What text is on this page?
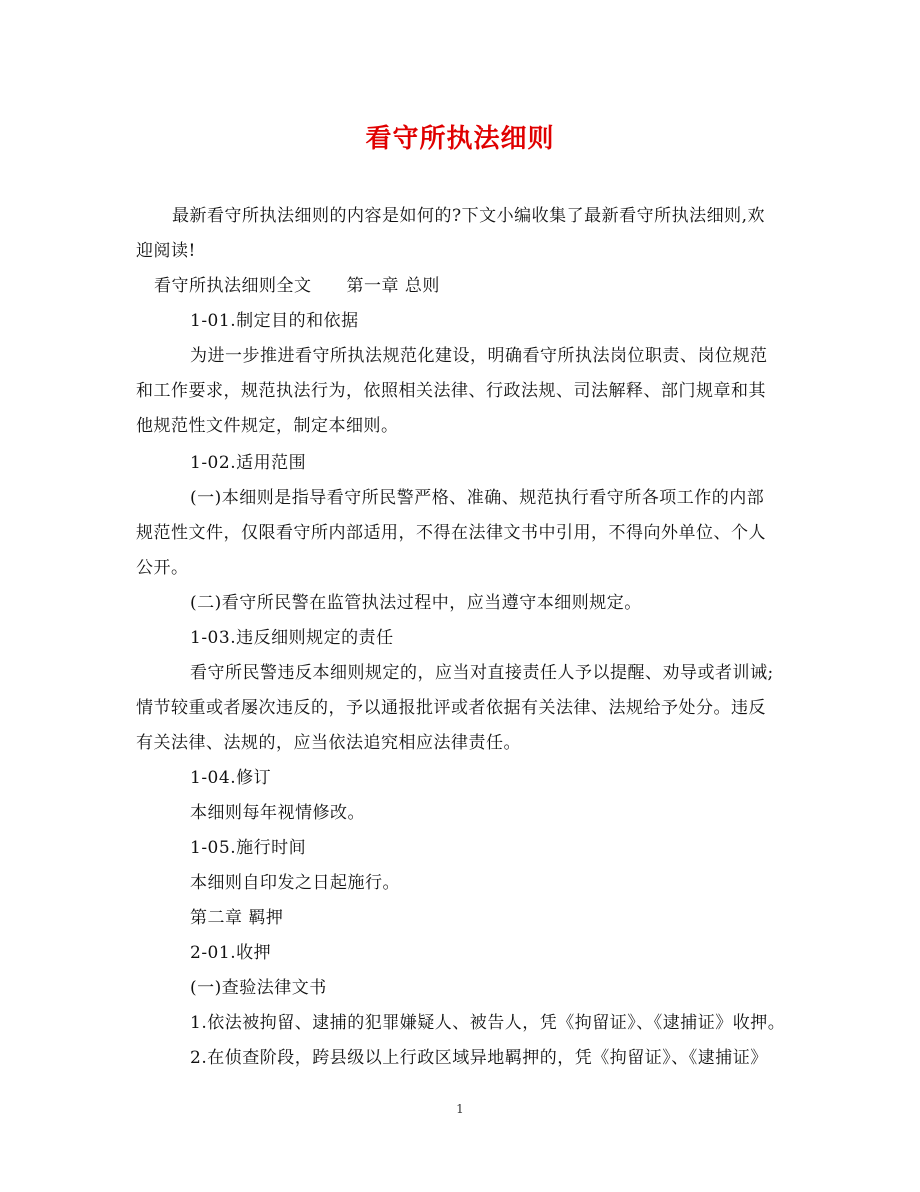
看守所执法细则
最新看守所执法细则的内容是如何的?下文小编收集了最新看守所执法细则,欢
迎阅读!
看守所执法细则全文　　第一章 总则
1-01.制定目的和依据
为进一步推进看守所执法规范化建设，明确看守所执法岗位职责、岗位规范
和工作要求，规范执法行为，依照相关法律、行政法规、司法解释、部门规章和其
他规范性文件规定，制定本细则。
1-02.适用范围
(一)本细则是指导看守所民警严格、准确、规范执行看守所各项工作的内部
规范性文件，仅限看守所内部适用，不得在法律文书中引用，不得向外单位、个人
公开。
(二)看守所民警在监管执法过程中，应当遵守本细则规定。
1-03.违反细则规定的责任
看守所民警违反本细则规定的，应当对直接责任人予以提醒、劝导或者训诫;
情节较重或者屡次违反的，予以通报批评或者依据有关法律、法规给予处分。违反
有关法律、法规的，应当依法追究相应法律责任。
1-04.修订
本细则每年视情修改。
1-05.施行时间
本细则自印发之日起施行。
第二章 羁押
2-01.收押
(一)查验法律文书
1.依法被拘留、逮捕的犯罪嫌疑人、被告人，凭《拘留证》、《逮捕证》收押。
2.在侦查阶段，跨县级以上行政区域异地羁押的，凭《拘留证》、《逮捕证》
1
